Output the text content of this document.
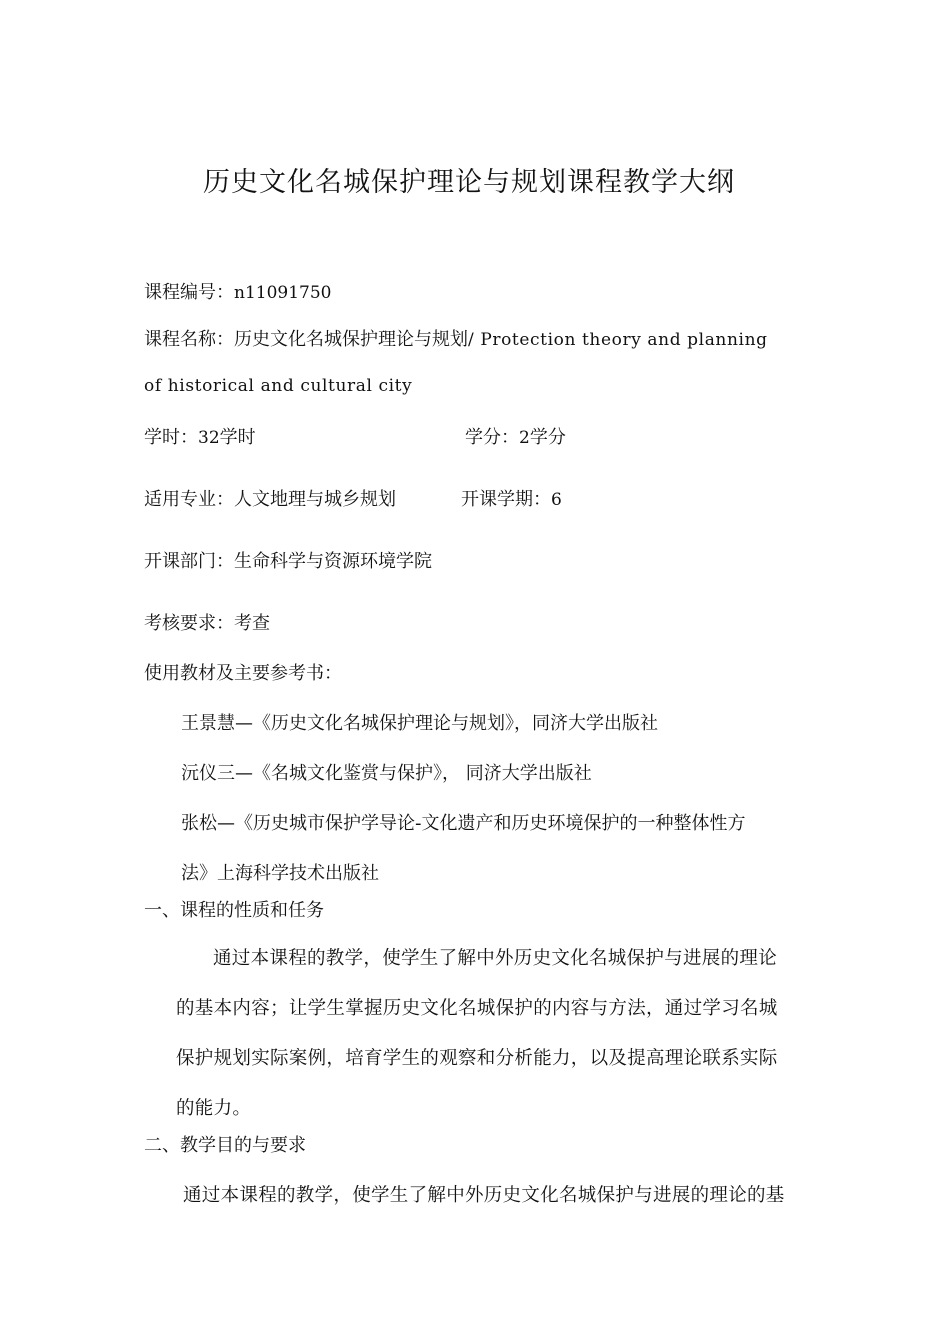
历史文化名城保护理论与规划课程教学大纲
课程编号：n11091750
课程名称：历史文化名城保护理论与规划/ Protection theory and planning
of historical and cultural city
学时：32学时	学分：2学分
适用专业：人文地理与城乡规划	开课学期：6
开课部门：生命科学与资源环境学院
考核要求：考查
使用教材及主要参考书：
王景慧—《历史文化名城保护理论与规划》，同济大学出版社
沅仪三—《名城文化鉴赏与保护》， 同济大学出版社
张松—《历史城市保护学导论-文化遗产和历史环境保护的一种整体性方
法》上海科学技术出版社
一、课程的性质和任务
通过本课程的教学，使学生了解中外历史文化名城保护与进展的理论
的基本内容；让学生掌握历史文化名城保护的内容与方法，通过学习名城
保护规划实际案例，培育学生的观察和分析能力，以及提高理论联系实际
的能力。
二、教学目的与要求
通过本课程的教学，使学生了解中外历史文化名城保护与进展的理论的基
